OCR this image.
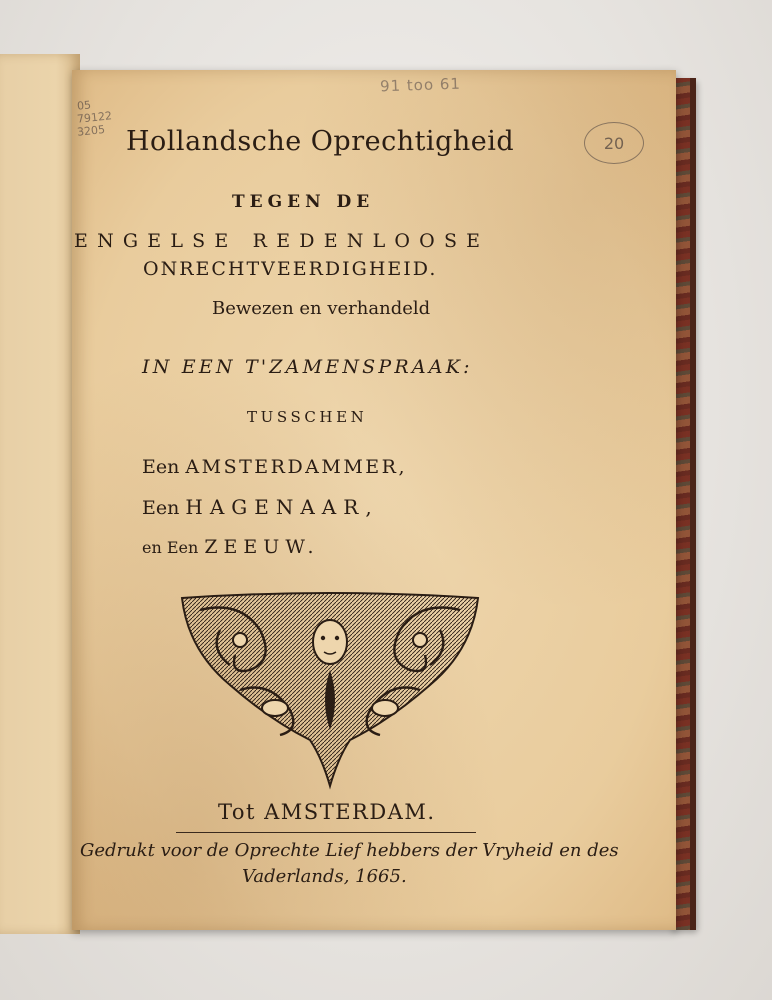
91 too 61
05
79122
3205
20
Hollandsche Oprechtigheid
TEGEN DE
ENGELSE REDENLOOSE
ONRECHTVEERDIGHEID.
Bewezen en verhandeld
IN EEN T'ZAMENSPRAAK:
TUSSCHEN
Een AMSTERDAMMER,
Een HAGENAAR,
en Een ZEEUW.
Tot AMSTERDAM.
Gedrukt voor de Oprechte Lief hebbers der Vryheid en des
Vaderlands, 1665.
